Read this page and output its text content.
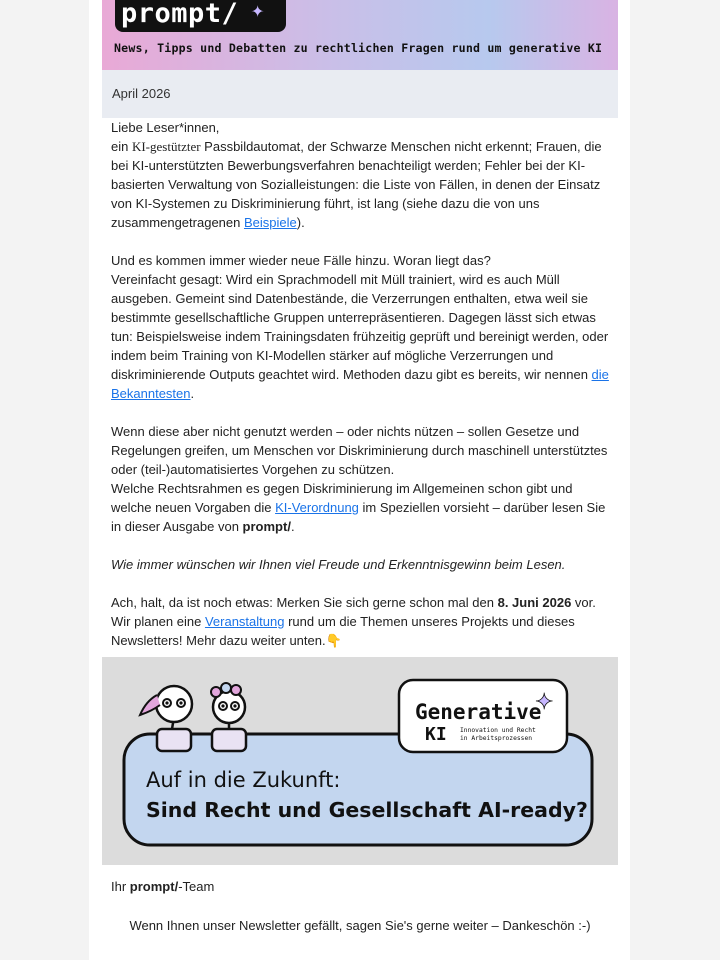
prompt/ ✦
News, Tipps und Debatten zu rechtlichen Fragen rund um generative KI
April 2026

Liebe Leser*innen,

ein KI-gestützter Passbildautomat, der Schwarze Menschen nicht erkennt; Frauen, die bei KI-unterstützten Bewerbungsverfahren benachteiligt werden; Fehler bei der KI-basierten Verwaltung von Sozialleistungen: die Liste von Fällen, in denen der Einsatz von KI-Systemen zu Diskriminierung führt, ist lang (siehe dazu die von uns zusammengetragenen Beispiele).

Und es kommen immer wieder neue Fälle hinzu. Woran liegt das?

Vereinfacht gesagt: Wird ein Sprachmodell mit Müll trainiert, wird es auch Müll ausgeben. Gemeint sind Datenbestände, die Verzerrungen enthalten, etwa weil sie bestimmte gesellschaftliche Gruppen unterrepräsentieren. Dagegen lässt sich etwas tun: Beispielsweise indem Trainingsdaten frühzeitig geprüft und bereinigt werden, oder indem beim Training von KI-Modellen stärker auf mögliche Verzerrungen und diskriminierende Outputs geachtet wird. Methoden dazu gibt es bereits, wir nennen die Bekanntesten.

Wenn diese aber nicht genutzt werden – oder nichts nützen – sollen Gesetze und Regelungen greifen, um Menschen vor Diskriminierung durch maschinell unterstütztes oder (teil-)automatisiertes Vorgehen zu schützen.

Welche Rechtsrahmen es gegen Diskriminierung im Allgemeinen schon gibt und welche neuen Vorgaben die KI-Verordnung im Speziellen vorsieht – darüber lesen Sie in dieser Ausgabe von prompt/.

Wie immer wünschen wir Ihnen viel Freude und Erkenntnisgewinn beim Lesen.

Ach, halt, da ist noch etwas: Merken Sie sich gerne schon mal den 8. Juni 2026 vor. Wir planen eine Veranstaltung rund um die Themen unseres Projekts und dieses Newsletters! Mehr dazu weiter unten.👇

Generative
KI Innovation und Recht
in Arbeitsprozessen
✦
Auf in die Zukunft:
Sind Recht und Gesellschaft AI-ready?
Ihr prompt/-Team
Wenn Ihnen unser Newsletter gefällt, sagen Sie's gerne weiter – Dankeschön :-)
